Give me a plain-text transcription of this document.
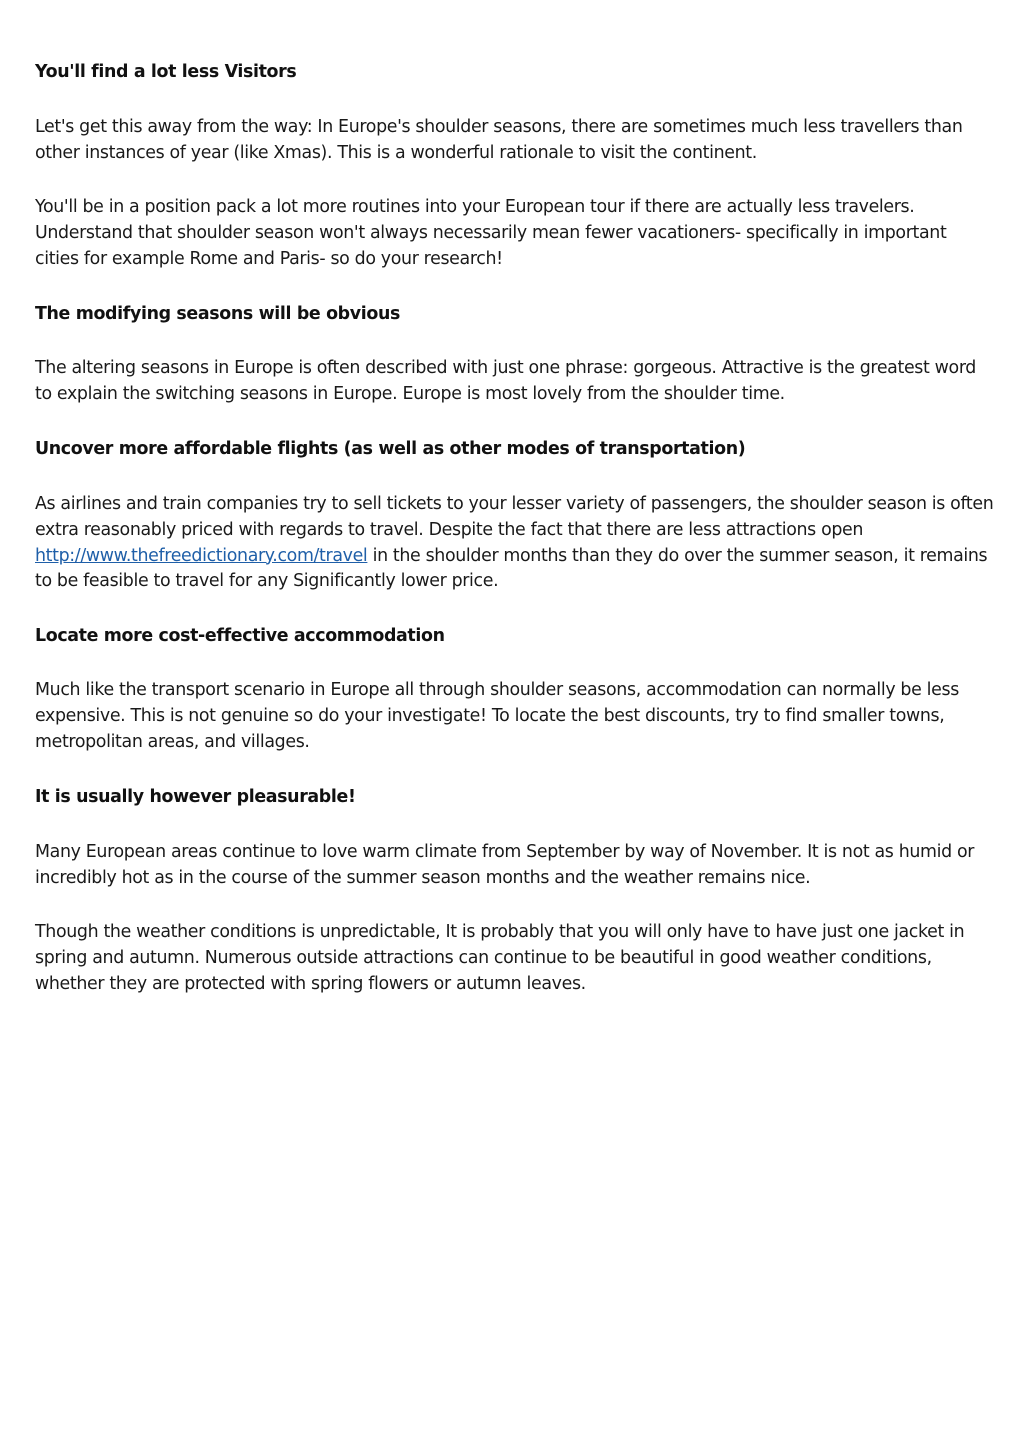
You'll find a lot less Visitors

Let's get this away from the way: In Europe's shoulder seasons, there are sometimes much less travellers than other instances of year (like Xmas). This is a wonderful rationale to visit the continent.

You'll be in a position pack a lot more routines into your European tour if there are actually less travelers. Understand that shoulder season won't always necessarily mean fewer vacationers- specifically in important cities for example Rome and Paris- so do your research!

The modifying seasons will be obvious

The altering seasons in Europe is often described with just one phrase: gorgeous. Attractive is the greatest word to explain the switching seasons in Europe. Europe is most lovely from the shoulder time.

Uncover more affordable flights (as well as other modes of transportation)

As airlines and train companies try to sell tickets to your lesser variety of passengers, the shoulder season is often extra reasonably priced with regards to travel. Despite the fact that there are less attractions open http://www.thefreedictionary.com/travel in the shoulder months than they do over the summer season, it remains to be feasible to travel for any Significantly lower price.

Locate more cost-effective accommodation

Much like the transport scenario in Europe all through shoulder seasons, accommodation can normally be less expensive. This is not genuine so do your investigate! To locate the best discounts, try to find smaller towns, metropolitan areas, and villages.

It is usually however pleasurable!

Many European areas continue to love warm climate from September by way of November. It is not as humid or incredibly hot as in the course of the summer season months and the weather remains nice.

Though the weather conditions is unpredictable, It is probably that you will only have to have just one jacket in spring and autumn. Numerous outside attractions can continue to be beautiful in good weather conditions, whether they are protected with spring flowers or autumn leaves.
